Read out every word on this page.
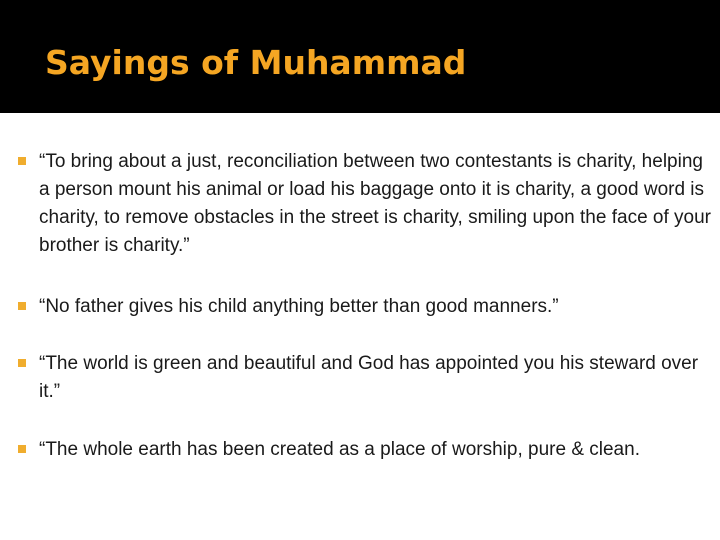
Sayings of Muhammad
“To bring about a just, reconciliation between two contestants is charity, helping a person mount his animal or load his baggage onto it is charity, a good word is charity, to remove obstacles in the street is charity, smiling upon the face of your brother is charity.”
“No father gives his child anything better than good manners.”
“The world is green and beautiful and God has appointed you his steward over it.”
“The whole earth has been created as a place of worship, pure & clean.
